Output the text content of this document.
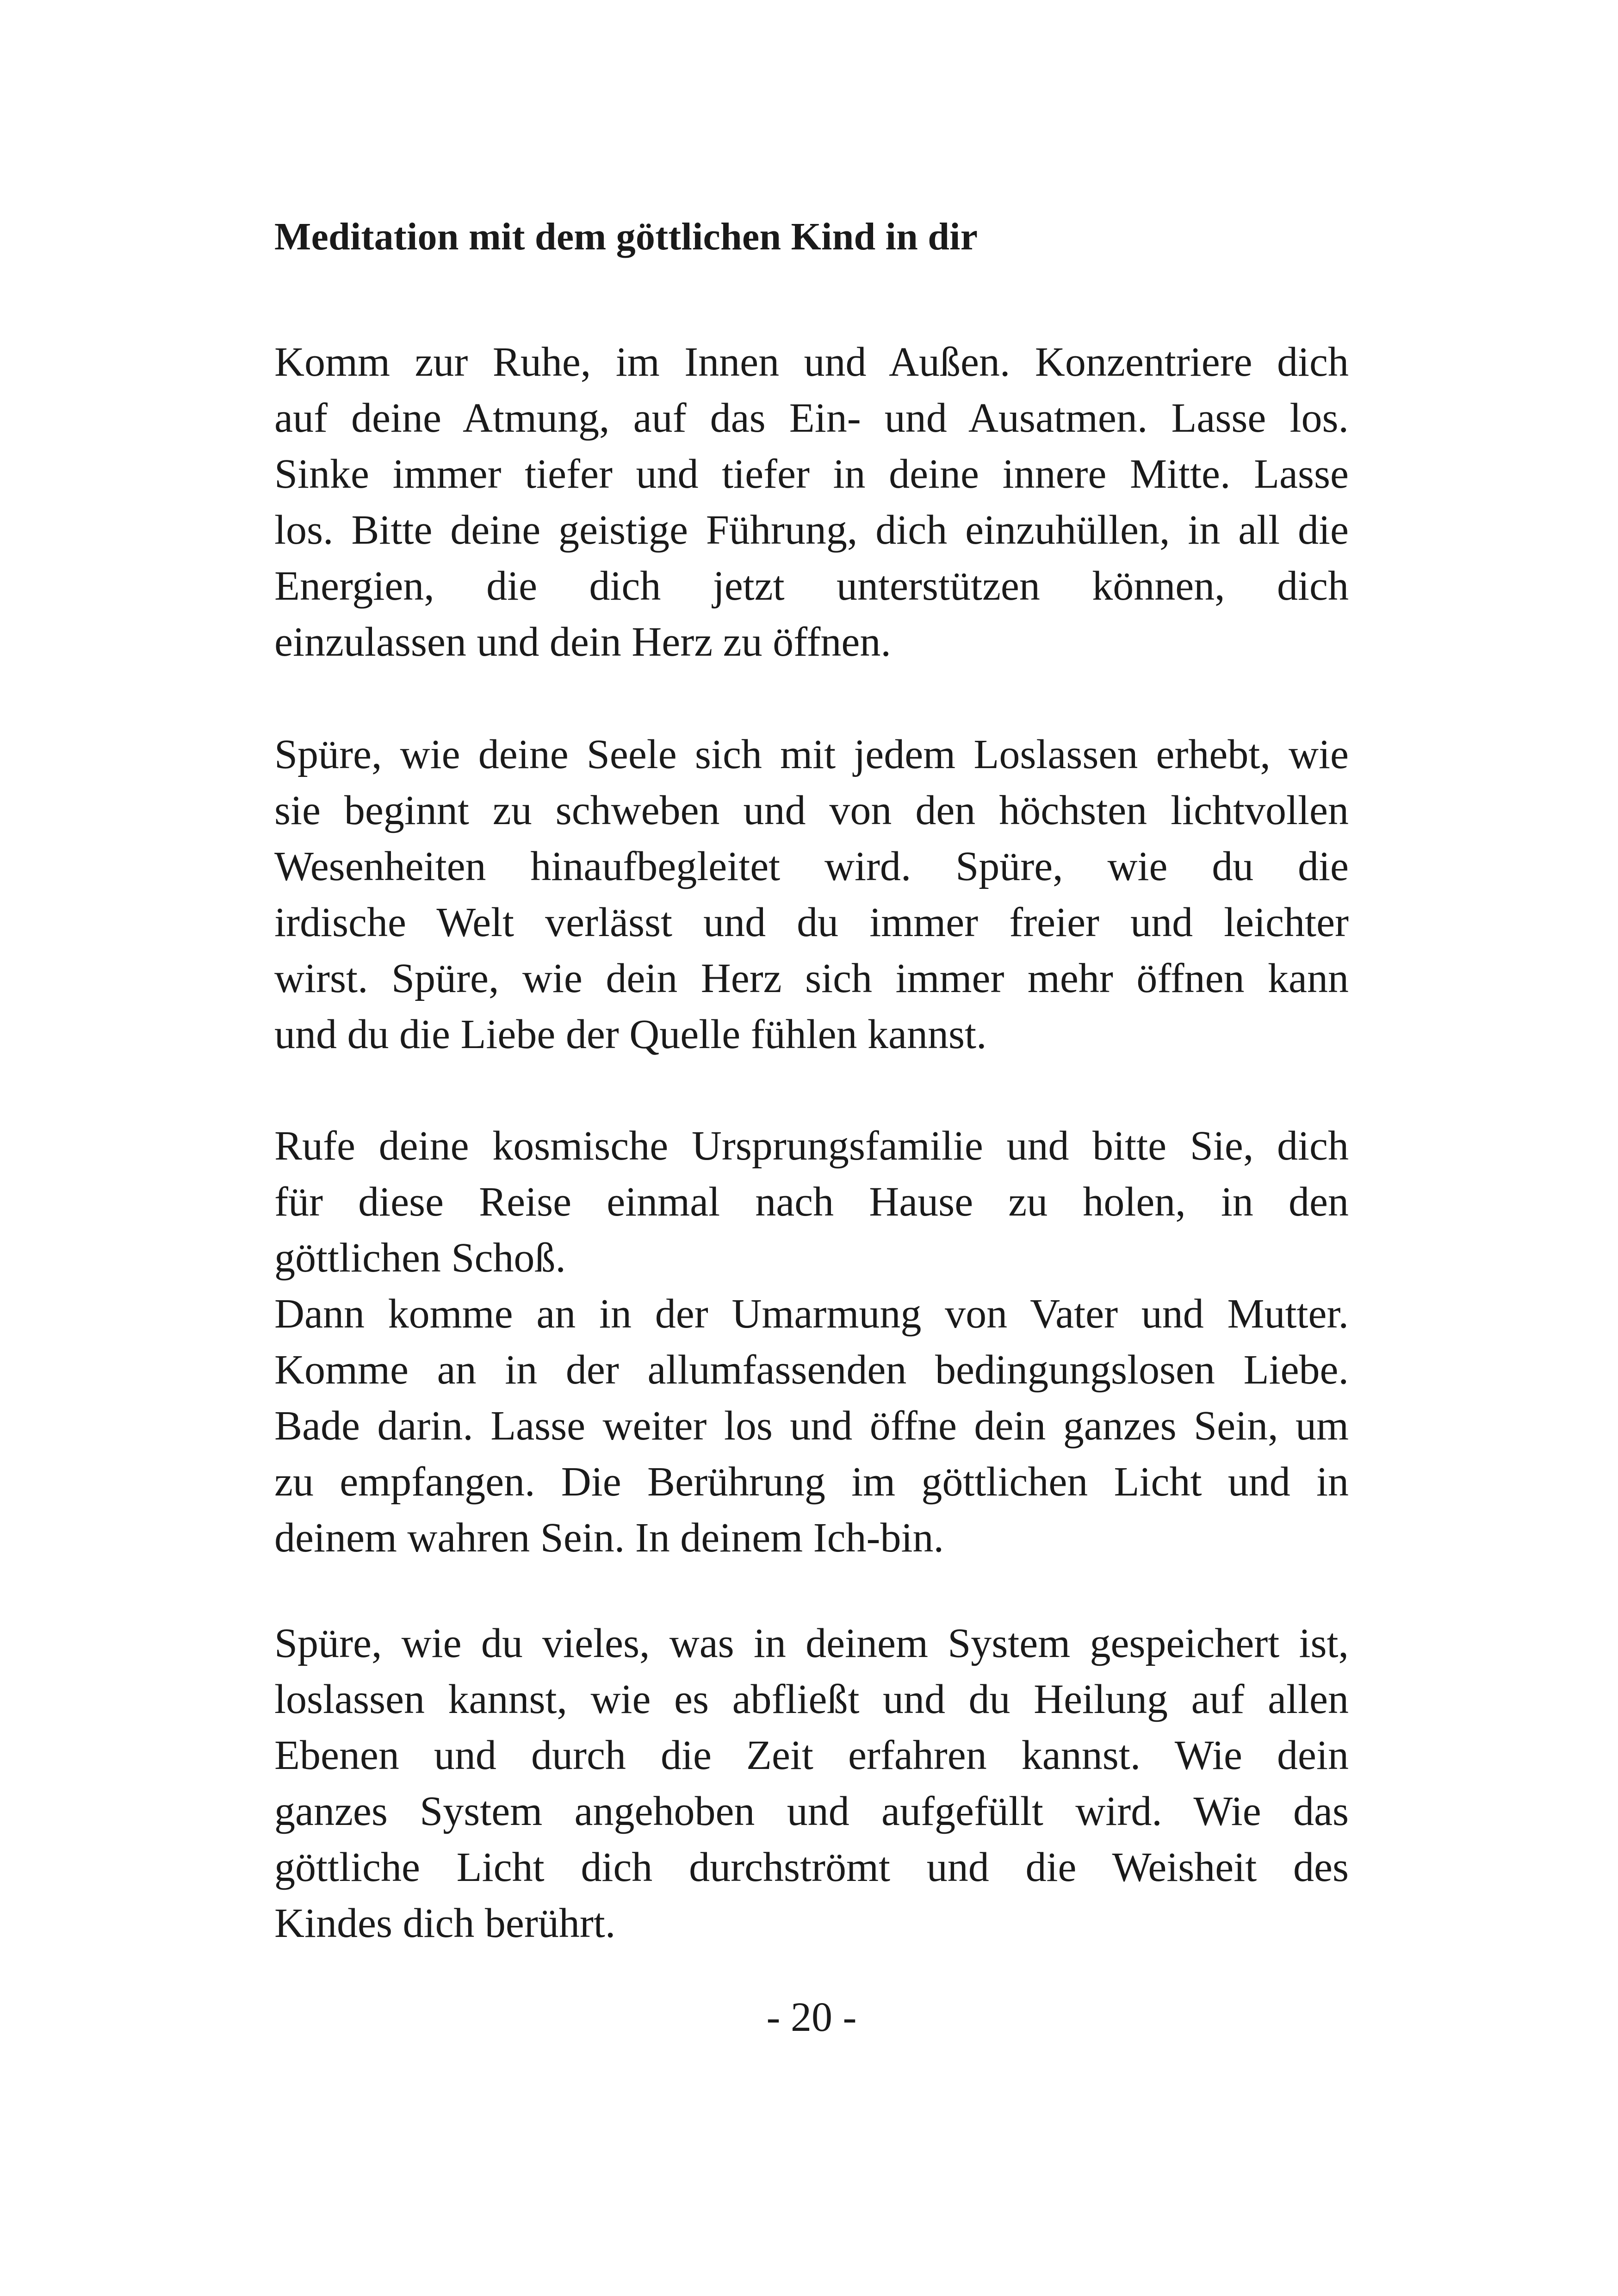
Meditation mit dem göttlichen Kind in dir

Komm zur Ruhe, im Innen und Außen. Konzentriere dich
auf deine Atmung, auf das Ein- und Ausatmen. Lasse los.
Sinke immer tiefer und tiefer in deine innere Mitte. Lasse
los. Bitte deine geistige Führung, dich einzuhüllen, in all die
Energien, die dich jetzt unterstützen können, dich
einzulassen und dein Herz zu öffnen.

Spüre, wie deine Seele sich mit jedem Loslassen erhebt, wie
sie beginnt zu schweben und von den höchsten lichtvollen
Wesenheiten hinaufbegleitet wird. Spüre, wie du die
irdische Welt verlässt und du immer freier und leichter
wirst. Spüre, wie dein Herz sich immer mehr öffnen kann
und du die Liebe der Quelle fühlen kannst.

Rufe deine kosmische Ursprungsfamilie und bitte Sie, dich
für diese Reise einmal nach Hause zu holen, in den
göttlichen Schoß.

Dann komme an in der Umarmung von Vater und Mutter.
Komme an in der allumfassenden bedingungslosen Liebe.
Bade darin. Lasse weiter los und öffne dein ganzes Sein, um
zu empfangen. Die Berührung im göttlichen Licht und in
deinem wahren Sein. In deinem Ich-bin.

Spüre, wie du vieles, was in deinem System gespeichert ist,
loslassen kannst, wie es abfließt und du Heilung auf allen
Ebenen und durch die Zeit erfahren kannst. Wie dein
ganzes System angehoben und aufgefüllt wird. Wie das
göttliche Licht dich durchströmt und die Weisheit des
Kindes dich berührt.

- 20 -
